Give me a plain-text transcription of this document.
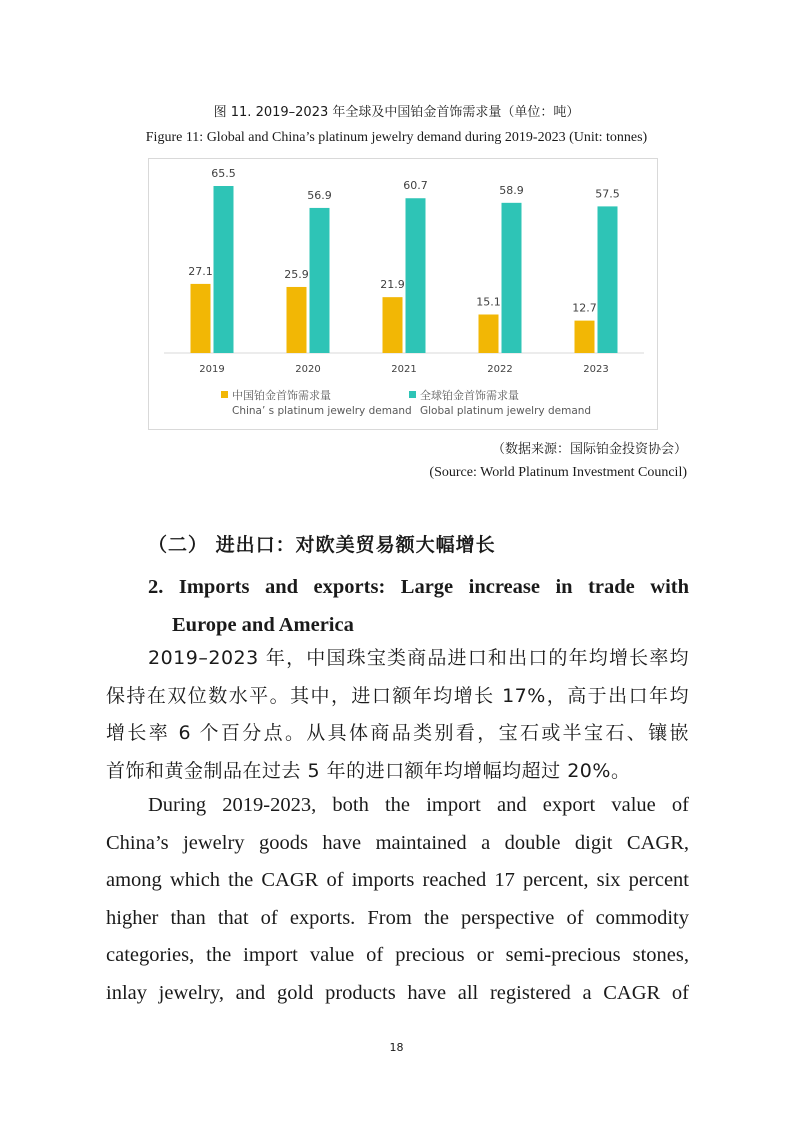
图 11. 2019–2023 年全球及中国铂金首饰需求量（单位：吨）
Figure 11: Global and China’s platinum jewelry demand during 2019-2023 (Unit: tonnes)
27.1
65.5
2019
25.9
56.9
2020
21.9
60.7
2021
15.1
58.9
2022
12.7
57.5
2023
中国铂金首饰需求量
China’ s platinum jewelry demand
全球铂金首饰需求量
Global platinum jewelry demand
（数据来源：国际铂金投资协会）
(Source: World Platinum Investment Council)
（二） 进出口：对欧美贸易额大幅增长
2. Imports and exports: Large increase in trade with
Europe and America
2019–2023 年，中国珠宝类商品进口和出口的年均增长率均
保持在双位数水平。其中，进口额年均增长 17%，高于出口年均
增长率 6 个百分点。从具体商品类别看，宝石或半宝石、镶嵌
首饰和黄金制品在过去 5 年的进口额年均增幅均超过 20%。
During 2019-2023, both the import and export value of
China’s jewelry goods have maintained a double digit CAGR,
among which the CAGR of imports reached 17 percent, six percent
higher than that of exports. From the perspective of commodity
categories, the import value of precious or semi-precious stones,
inlay jewelry, and gold products have all registered a CAGR of
18
